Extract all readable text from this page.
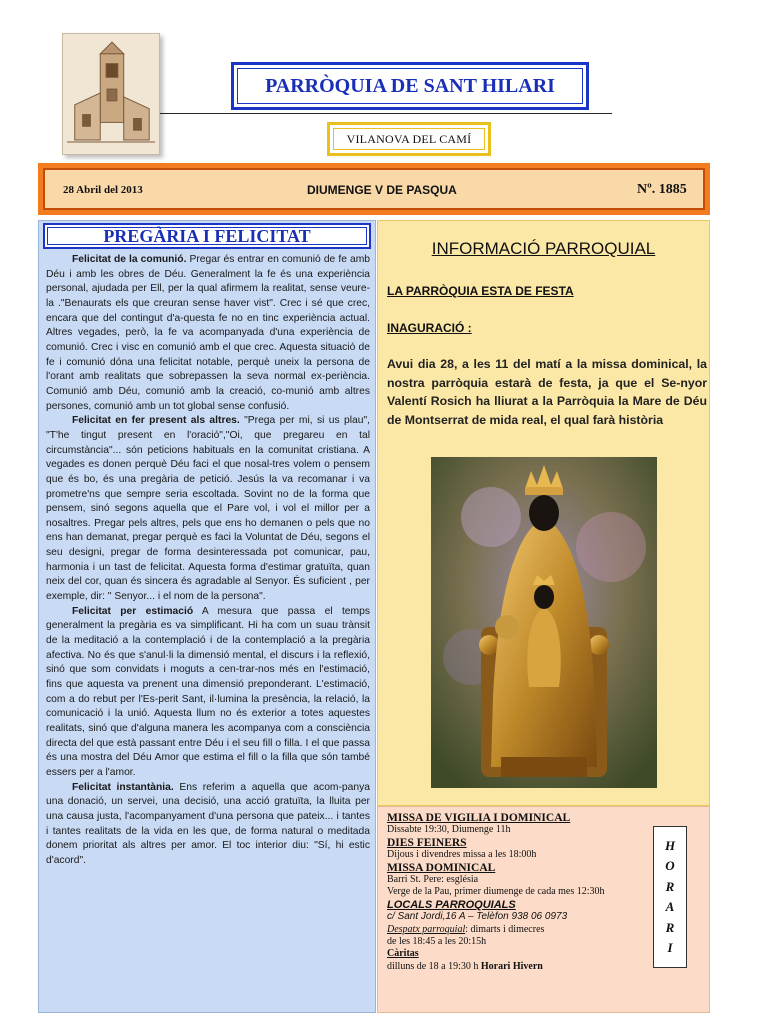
PARRÒQUIA DE SANT HILARI
VILANOVA DEL CAMÍ
28 Abril del 2013	DIUMENGE V DE PASQUA	Nº. 1885
PREGÀRIA I FELICITAT

Felicitat de la comunió. Pregar és entrar en comunió de fe amb Déu i amb les obres de Déu. Generalment la fe és una experiència personal, ajudada per Ell, per la qual afirmem la realitat, sense veure-la ."Benaurats els que creuran sense haver vist". Crec i sé que crec, encara que del contingut d'a-questa fe no en tinc experiència actual. Altres vegades, però, la fe va acompanyada d'una experiència de comunió. Crec i visc en comunió amb el que crec. Aquesta situació de fe i comunió dóna una felicitat notable, perquè uneix la persona de l'orant amb realitats que sobrepassen la seva normal ex-periència. Comunió amb Déu, comunió amb la creació, co-munió amb altres persones, comunió amb un tot global sense confusió.

Felicitat en fer present als altres. "Prega per mi, si us plau", "T'he tingut present en l'oració","Oi, que pregareu en tal circumstància"... són peticions habituals en la comunitat cristiana. A vegades es donen perquè Déu faci el que nosal-tres volem o pensem que és bo, és una pregària de petició. Jesús la va recomanar i va prometre'ns que sempre seria escoltada. Sovint no de la forma que pensem, sinó segons aquella que el Pare vol, i vol el millor per a nosaltres. Pregar pels altres, pels que ens ho demanen o pels que no ens han demanat, pregar perquè es faci la Voluntat de Déu, segons el seu designi, pregar de forma desinteressada pot comunicar, pau, harmonia i un tast de felicitat. Aquesta forma d'estimar gratuïta, quan neix del cor, quan és sincera és agradable al Senyor. És suficient , per exemple, dir: " Senyor... i el nom de la persona".

Felicitat per estimació A mesura que passa el temps generalment la pregària es va simplificant. Hi ha com un suau trànsit de la meditació a la contemplació i de la contemplació a la pregària afectiva. No és que s'anul·li la dimensió mental, el discurs i la reflexió, sinó que som convidats i moguts a cen-trar-nos més en l'estimació, fins que aquesta va prenent una dimensió preponderant. L'estimació, com a do rebut per l'Es-perit Sant, il·lumina la presència, la relació, la comunicació i la unió. Aquesta llum no és exterior a totes aquestes realitats, sinó que d'alguna manera les acompanya com a consciència directa del que està passant entre Déu i el seu fill o filla. I el que passa és una mostra del Déu Amor que estima el fill o la filla que són també essers per a l'amor.

Felicitat instantània. Ens referim a aquella que acom-panya una donació, un servei, una decisió, una acció gratuïta, la lluita per una causa justa, l'acompanyament d'una persona que pateix... i tantes i tantes realitats de la vida en les que, de forma natural o meditada donem prioritat als altres per amor. El toc interior diu: "Sí, hi estic d'acord".

INFORMACIÓ PARROQUIAL
LA PARRÒQUIA ESTA DE FESTA
INAGURACIÓ :
Avui dia 28, a les 11 del matí a la missa dominical, la nostra parròquia estarà de festa, ja que el Se-nyor Valentí Rosich ha lliurat a la Parròquia la Mare de Déu de Montserrat de mida real, el qual farà història
MISSA DE VIGILIA I DOMINICAL
Dissabte 19:30, Diumenge 11h
DIES FEINERS
Dijous i divendres missa a les 18:00h
MISSA DOMINICAL
Barri St. Pere: església
Verge de la Pau, primer diumenge de cada mes 12:30h
LOCALS PARROQUIALS
c/ Sant Jordi,16 A – Telèfon 938 06 0973
Despatx parroquial: dimarts i dimecres
de les 18:45 a les 20:15h
Càritas
dilluns de 18 a 19:30 h Horari Hivern
H
O
R
A
R
I
